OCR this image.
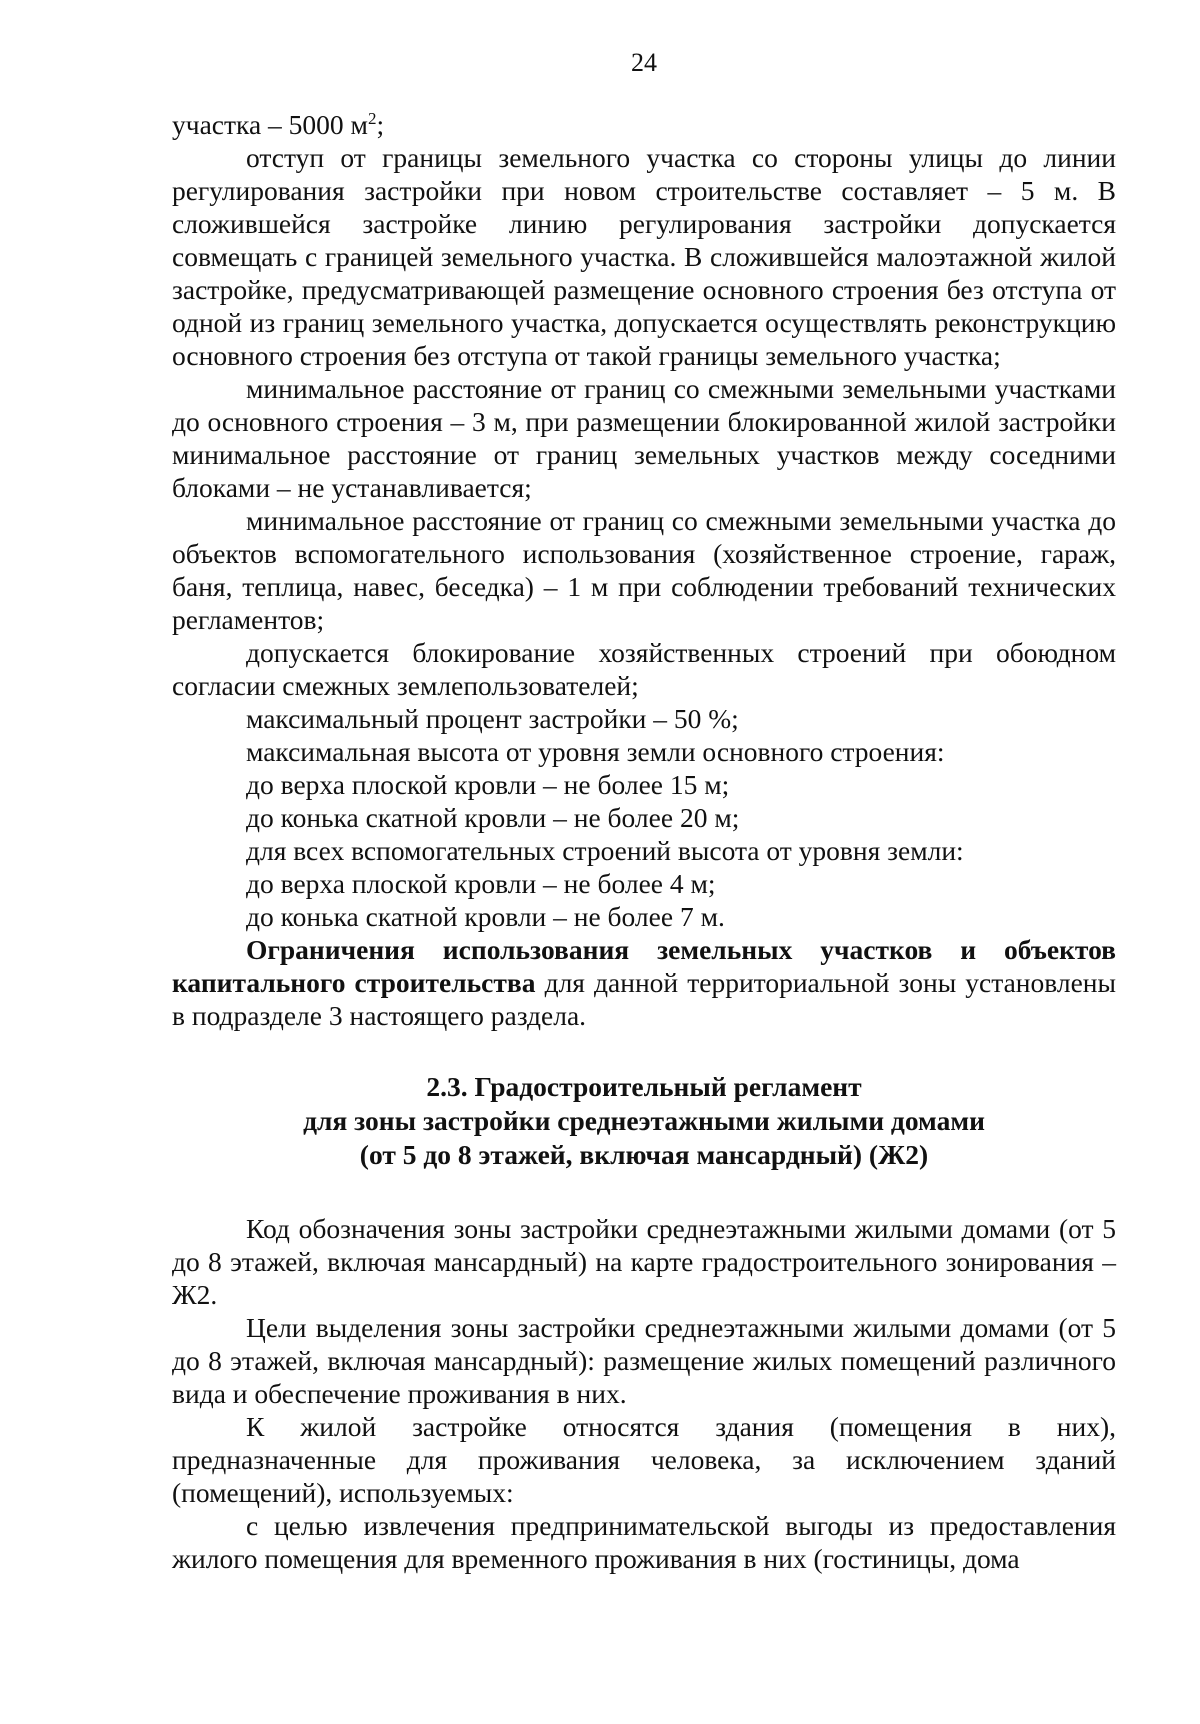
24

участка – 5000 $м^2$;

отступ от границы земельного участка со стороны улицы до линии регулирования застройки при новом строительстве составляет – 5 м. В сложившейся застройке линию регулирования застройки допускается совмещать с границей земельного участка. В сложившейся малоэтажной жилой застройке, предусматривающей размещение основного строения без отступа от одной из границ земельного участка, допускается осуществлять реконструкцию основного строения без отступа от такой границы земельного участка;

минимальное расстояние от границ со смежными земельными участками до основного строения – 3 м, при размещении блокированной жилой застройки минимальное расстояние от границ земельных участков между соседними блоками – не устанавливается;

минимальное расстояние от границ со смежными земельными участка до объектов вспомогательного использования (хозяйственное строение, гараж, баня, теплица, навес, беседка) – 1 м при соблюдении требований технических регламентов;

допускается блокирование хозяйственных строений при обоюдном согласии смежных землепользователей;

максимальный процент застройки – 50 %;

максимальная высота от уровня земли основного строения:

до верха плоской кровли – не более 15 м;

до конька скатной кровли – не более 20 м;

для всех вспомогательных строений высота от уровня земли:

до верха плоской кровли – не более 4 м;

до конька скатной кровли – не более 7 м.

Ограничения использования земельных участков и объектов капитального строительства для данной территориальной зоны установлены в подразделе 3 настоящего раздела.

2.3. Градостроительный регламент
для зоны застройки среднеэтажными жилыми домами
(от 5 до 8 этажей, включая мансардный) (Ж2)

Код обозначения зоны застройки среднеэтажными жилыми домами (от 5 до 8 этажей, включая мансардный) на карте градостроительного зонирования – Ж2.

Цели выделения зоны застройки среднеэтажными жилыми домами (от 5 до 8 этажей, включая мансардный): размещение жилых помещений различного вида и обеспечение проживания в них.

К жилой застройке относятся здания (помещения в них), предназначенные для проживания человека, за исключением зданий (помещений), используемых:

с целью извлечения предпринимательской выгоды из предоставления жилого помещения для временного проживания в них (гостиницы, дома
